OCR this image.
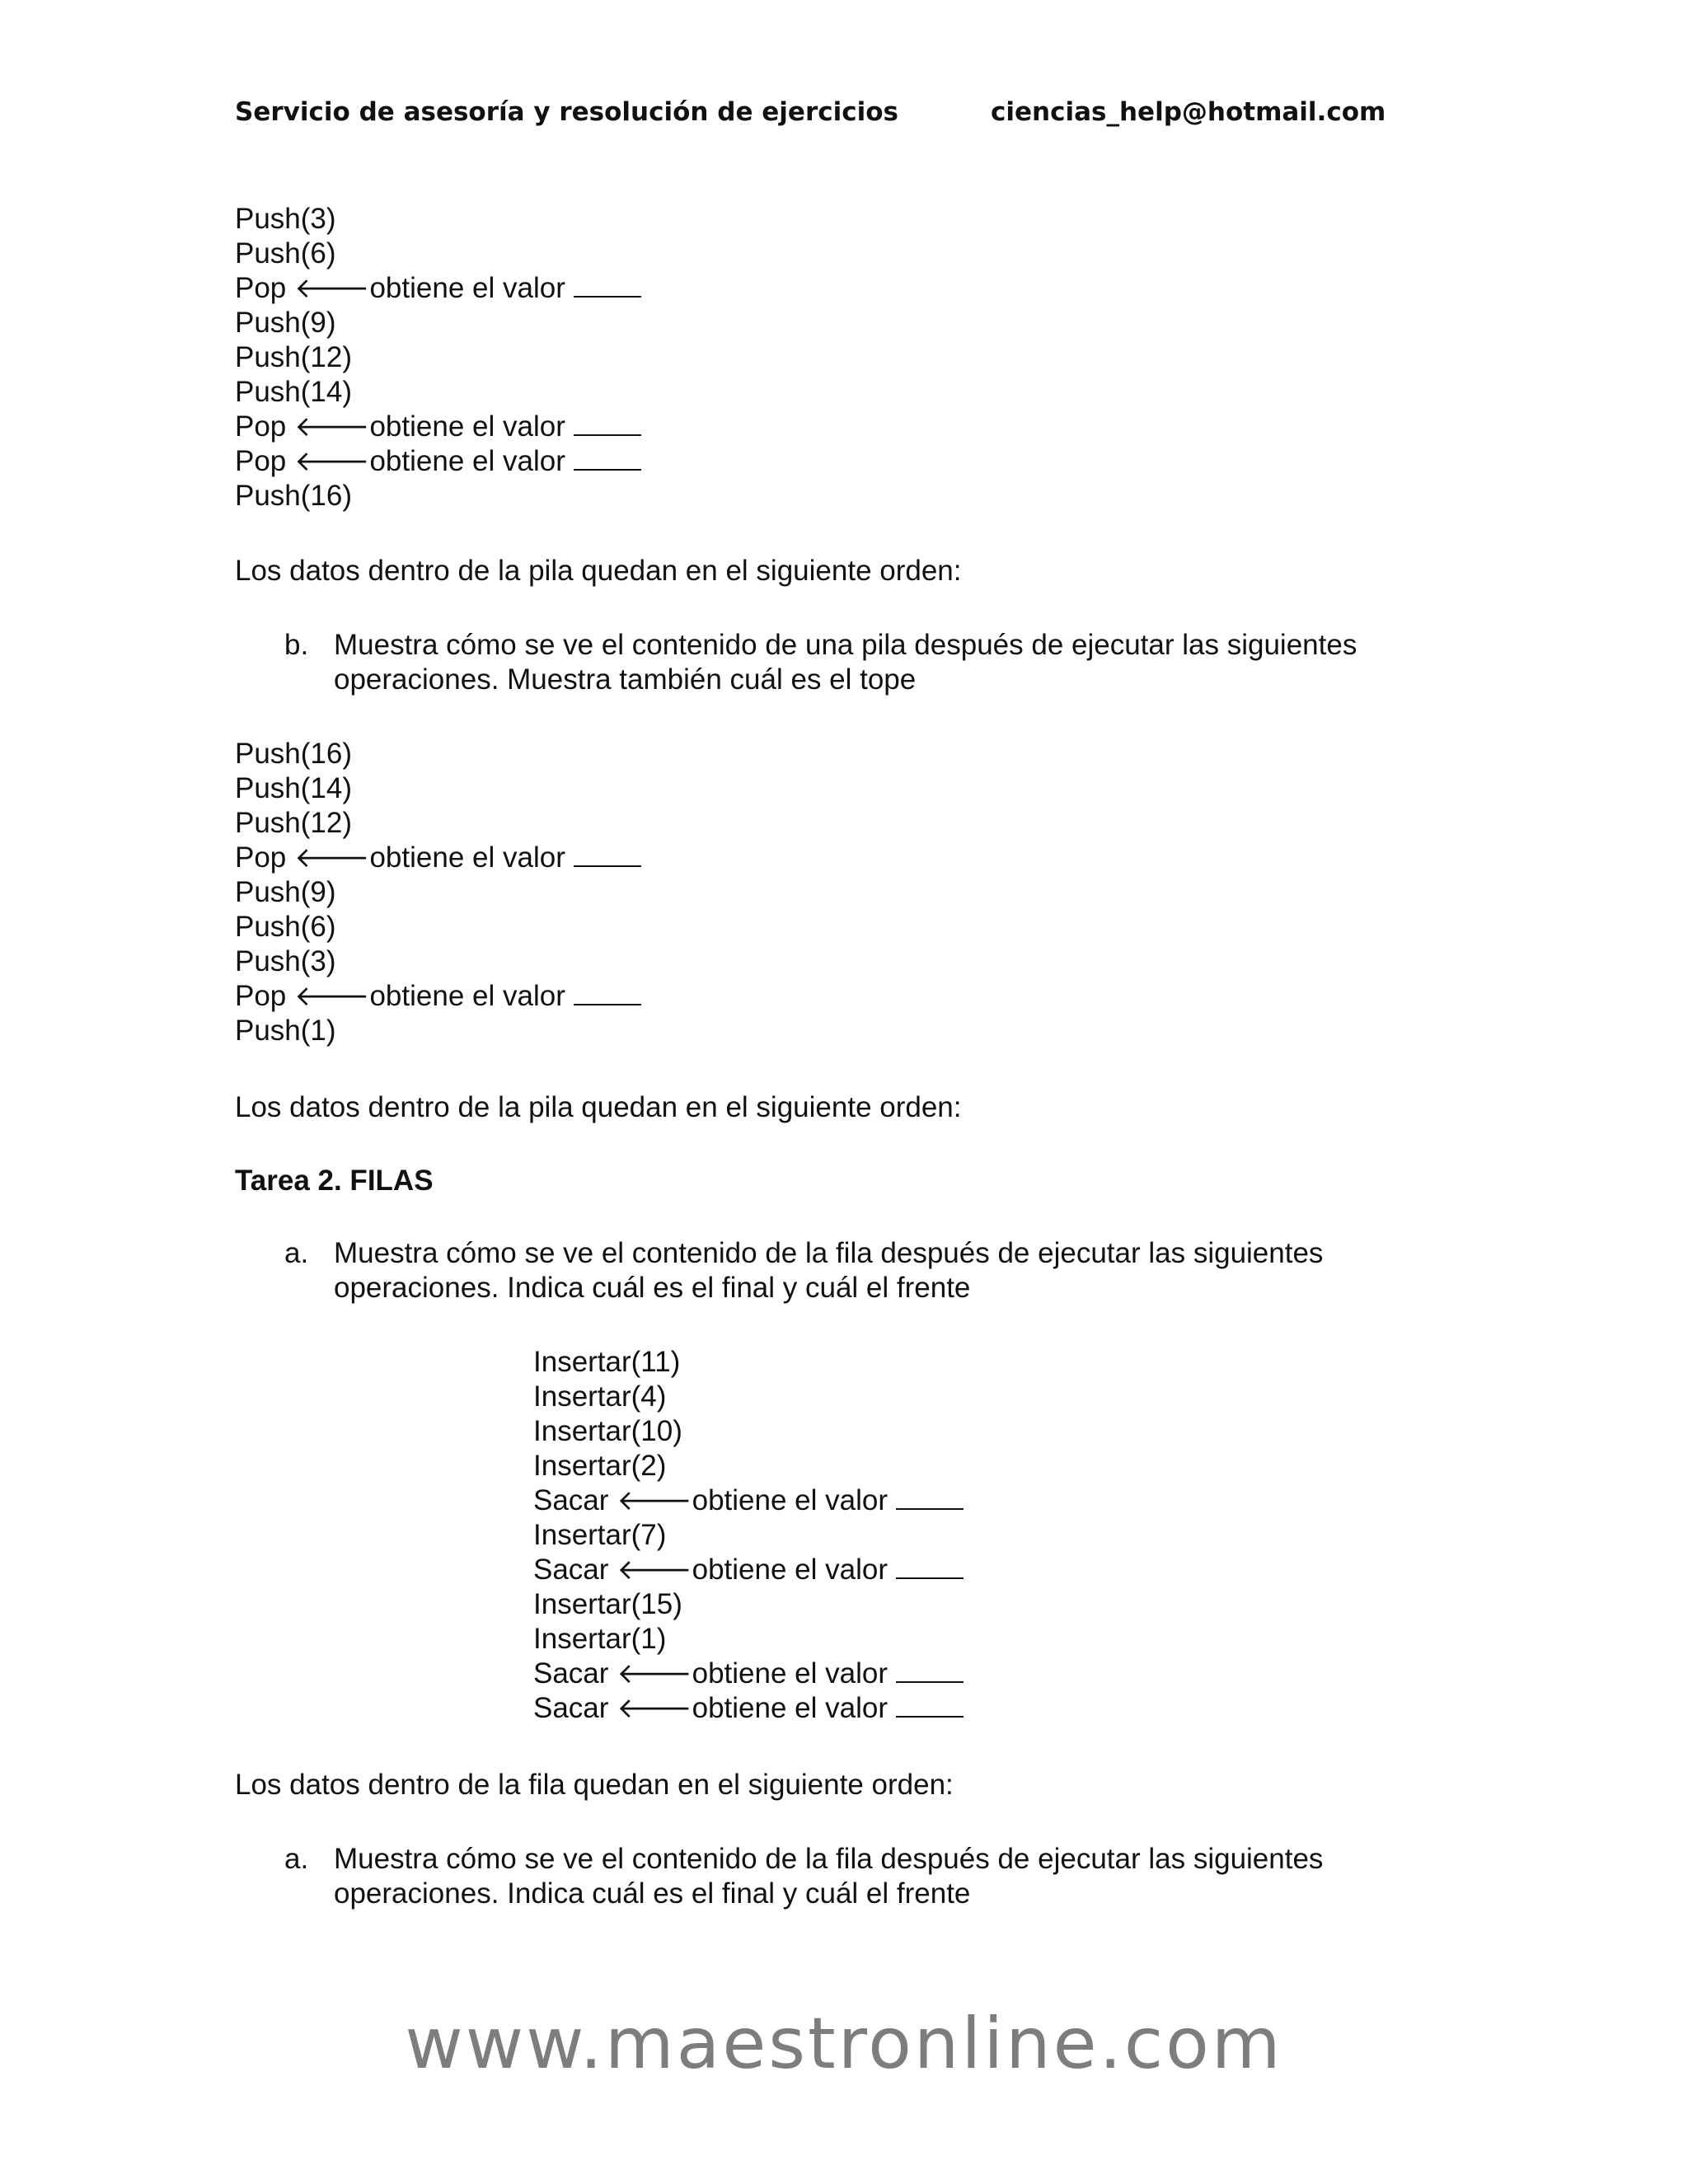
Servicio de asesoría y resolución de ejercicios	ciencias_help@hotmail.com
Push(3)
Push(6)
Pop 🡐obtiene el valor
Push(9)
Push(12)
Push(14)
Pop 🡐obtiene el valor
Pop 🡐obtiene el valor
Push(16)
Los datos dentro de la pila quedan en el siguiente orden:
b. Muestra cómo se ve el contenido de una pila después de ejecutar las siguientes
operaciones. Muestra también cuál es el tope
Push(16)
Push(14)
Push(12)
Pop 🡐obtiene el valor
Push(9)
Push(6)
Push(3)
Pop 🡐obtiene el valor
Push(1)
Los datos dentro de la pila quedan en el siguiente orden:
Tarea 2. FILAS
a. Muestra cómo se ve el contenido de la fila después de ejecutar las siguientes
operaciones. Indica cuál es el final y cuál el frente
Insertar(11)
Insertar(4)
Insertar(10)
Insertar(2)
Sacar 🡐obtiene el valor
Insertar(7)
Sacar 🡐obtiene el valor
Insertar(15)
Insertar(1)
Sacar 🡐obtiene el valor
Sacar 🡐obtiene el valor
Los datos dentro de la fila quedan en el siguiente orden:
a. Muestra cómo se ve el contenido de la fila después de ejecutar las siguientes
operaciones. Indica cuál es el final y cuál el frente
www.maestronline.com
